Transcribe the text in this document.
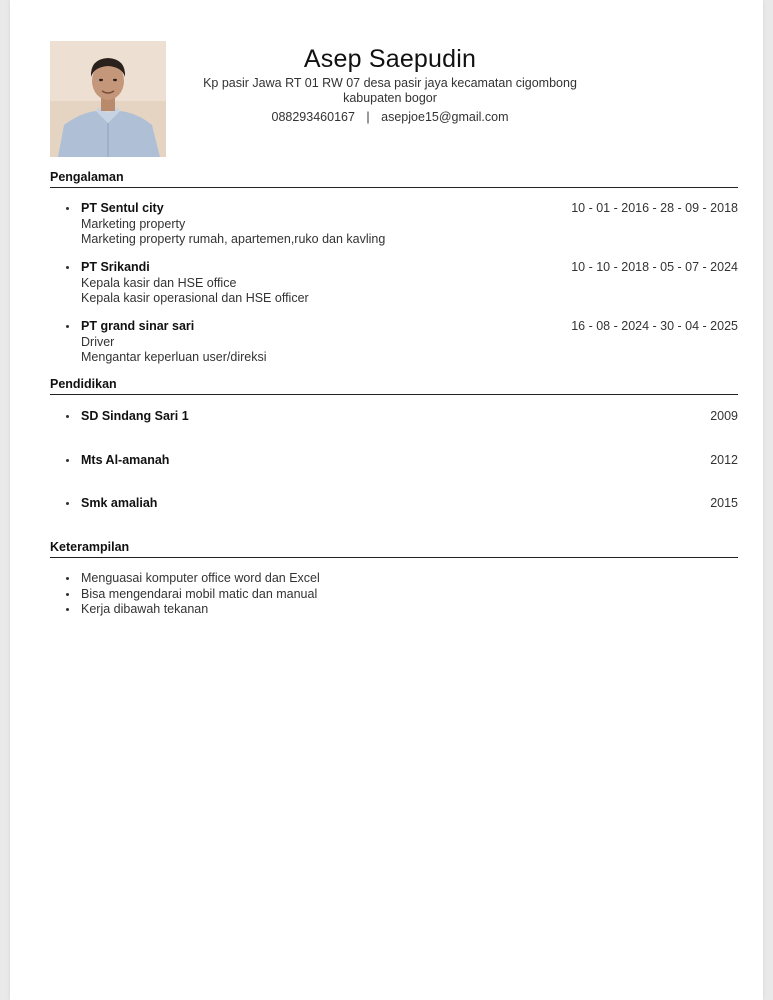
Asep Saepudin
Kp pasir Jawa RT 01 RW 07 desa pasir jaya kecamatan cigombong
kabupaten bogor
088293460167 | asepjoe15@gmail.com
Pengalaman
PT Sentul city	10 - 01 - 2016 - 28 - 09 - 2018
Marketing property
Marketing property rumah, apartemen,ruko dan kavling
PT Srikandi	10 - 10 - 2018 - 05 - 07 - 2024
Kepala kasir dan HSE office
Kepala kasir operasional dan HSE officer
PT grand sinar sari	16 - 08 - 2024 - 30 - 04 - 2025
Driver
Mengantar keperluan user/direksi
Pendidikan
SD Sindang Sari 1	2009
Mts Al-amanah	2012
Smk amaliah	2015
Keterampilan
Menguasai komputer office word dan Excel
Bisa mengendarai mobil matic dan manual
Kerja dibawah tekanan
